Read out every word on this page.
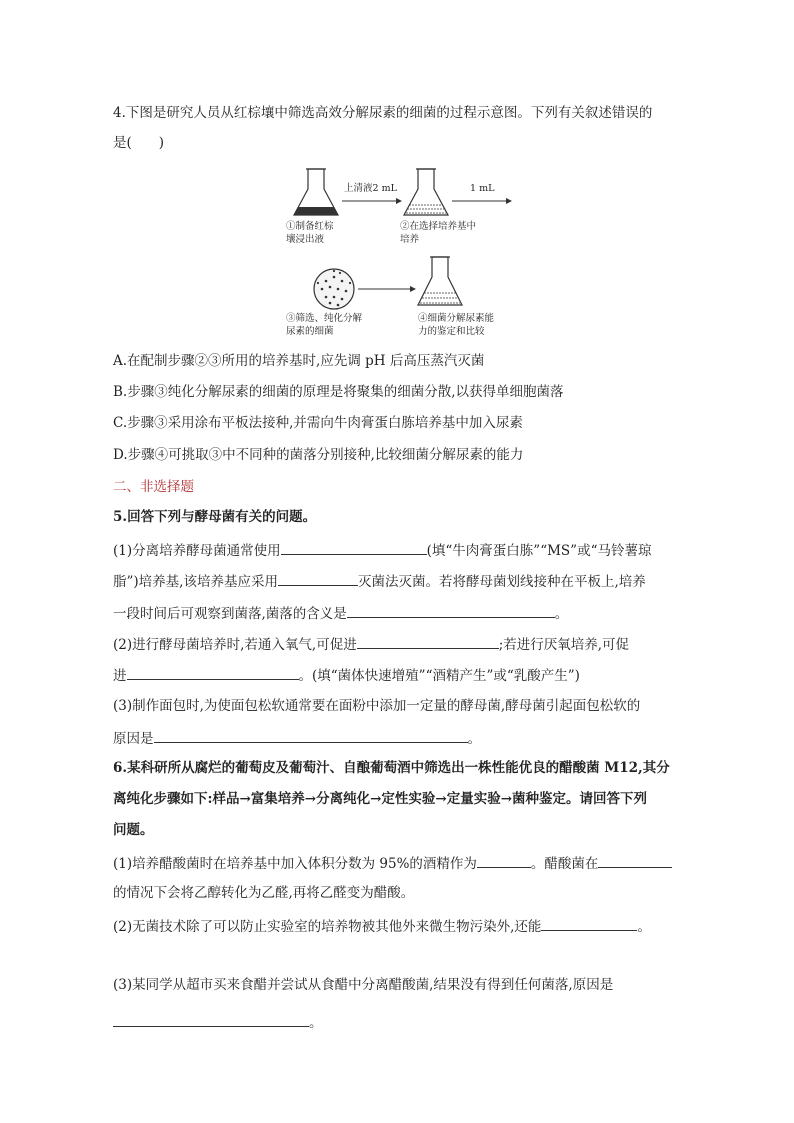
4.下图是研究人员从红棕壤中筛选高效分解尿素的细菌的过程示意图。下列有关叙述错误的
是(　　)
上清液2 mL	1 mL
①制备红棕
壤浸出液
②在选择培养基中
培养
③筛选、纯化分解
尿素的细菌
④细菌分解尿素能
力的鉴定和比较
A.在配制步骤②③所用的培养基时,应先调 pH 后高压蒸汽灭菌
B.步骤③纯化分解尿素的细菌的原理是将聚集的细菌分散,以获得单细胞菌落
C.步骤③采用涂布平板法接种,并需向牛肉膏蛋白胨培养基中加入尿素
D.步骤④可挑取③中不同种的菌落分别接种,比较细菌分解尿素的能力
二、非选择题
5.回答下列与酵母菌有关的问题。
(1)分离培养酵母菌通常使用	(填“牛肉膏蛋白胨”“MS”或“马铃薯琼
脂”)培养基,该培养基应采用	灭菌法灭菌。若将酵母菌划线接种在平板上,培养
一段时间后可观察到菌落,菌落的含义是	。
(2)进行酵母菌培养时,若通入氧气,可促进	;若进行厌氧培养,可促
进	。(填“菌体快速增殖”“酒精产生”或“乳酸产生”)
(3)制作面包时,为使面包松软通常要在面粉中添加一定量的酵母菌,酵母菌引起面包松软的
原因是	。
6.某科研所从腐烂的葡萄皮及葡萄汁、自酿葡萄酒中筛选出一株性能优良的醋酸菌 M12,其分
离纯化步骤如下:样品→富集培养→分离纯化→定性实验→定量实验→菌种鉴定。请回答下列
问题。
(1)培养醋酸菌时在培养基中加入体积分数为 95%的酒精作为	。醋酸菌在
的情况下会将乙醇转化为乙醛,再将乙醛变为醋酸。
(2)无菌技术除了可以防止实验室的培养物被其他外来微生物污染外,还能	。
(3)某同学从超市买来食醋并尝试从食醋中分离醋酸菌,结果没有得到任何菌落,原因是
。
